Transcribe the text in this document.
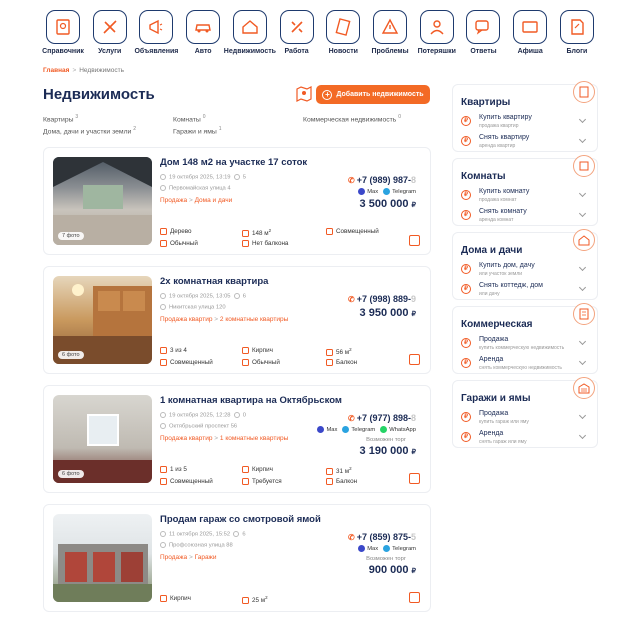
Справочник Услуги Объявления Авто Недвижимость Работа	Новости Проблемы Потеряшки Ответы	Афиша	Блоги
Главная > Недвижимость
Недвижимость	+ Добавить недвижимость
Квартиры $^3$	Комнаты $^0$	Коммерческая недвижимость $^0$
Дома, дачи и участки земли $^2$	Гаражи и ямы $^1$
7 фото
Дом 148 м2 на участке 17 соток
19 октября 2025, 13:19 5
Первомайская улица 4
Продажа > Дома и дачи
✆ +7 (989) 987-8
Max	Telegram
3 500 000 ₽
Дерево	148 $м^2$	Совмещенный
Обычный	Нет балкона
6 фото
2х комнатная квартира
19 октября 2025, 13:05 6
Никитская улица 120
Продажа квартир > 2 комнатные квартиры
✆ +7 (998) 889-9
3 950 000 ₽
3 из 4	Кирпич	56 $м^2$
Совмещенный	Обычный	Балкон
6 фото
1 комнатная квартира на Октябрьском
19 октября 2025, 12:28 0
Октябрьский проспект 56
Продажа квартир > 1 комнатные квартиры
✆ +7 (977) 898-8
Max	Telegram	WhatsApp
Возможен торг
3 190 000 ₽
1 из 5	Кирпич	31 $м^2$
Совмещенный	Требуется	Балкон
Продам гараж со смотровой ямой
11 октября 2025, 15:52 6
Профсоюзная улица 88
Продажа > Гаражи
✆ +7 (859) 875-5
Max	Telegram
Возможен торг
900 000 ₽
Кирпич	25 $м^2$
Квартиры
₽	Купить квартиру
продажа квартир
₽	Снять квартиру
аренда квартир
Комнаты
₽	Купить комнату
продажа комнат
₽	Снять комнату
аренда комнат
Дома и дачи
₽	Купить дом, дачу
или участок земли
₽	Снять коттедж, дом
или дачу
Коммерческая
₽	Продажа
купить коммерческую недвижимость
₽	Аренда
снять коммерческую недвижимость
Гаражи и ямы
₽	Продажа
купить гараж или яму
₽	Аренда
снять гараж или яму
